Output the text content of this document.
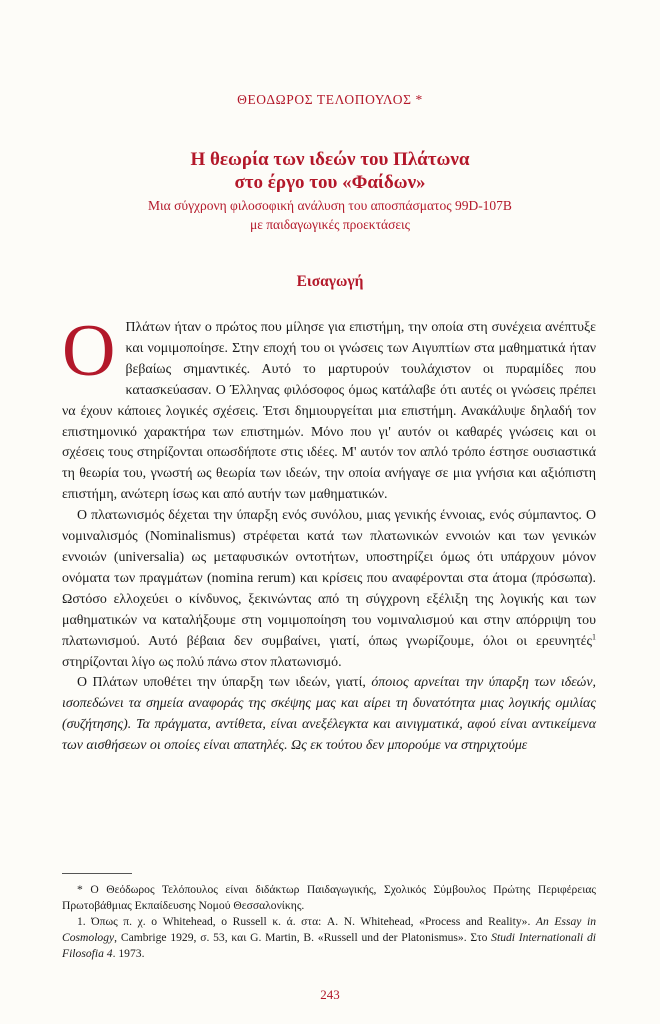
ΘΕΟΔΩΡΟΣ ΤΕΛΟΠΟΥΛΟΣ *
Η θεωρία των ιδεών του Πλάτωνα
στο έργο του «Φαίδων»
Μια σύγχρονη φιλοσοφική ανάλυση του αποσπάσματος 99D-107B
με παιδαγωγικές προεκτάσεις
Εισαγωγή

Ο Πλάτων ήταν ο πρώτος που μίλησε για επιστήμη, την οποία στη συνέχεια ανέπτυξε και νομιμοποίησε. Στην εποχή του οι γνώσεις των Αιγυπτίων στα μαθηματικά ήταν βεβαίως σημαντικές. Αυτό το μαρτυρούν τουλάχιστον οι πυραμίδες που κατασκεύασαν. Ο Έλληνας φιλόσοφος όμως κατάλαβε ότι αυτές οι γνώσεις πρέπει να έχουν κάποιες λογικές σχέσεις. Έτσι δημιουργείται μια επιστήμη. Ανακάλυψε δηλαδή τον επιστημονικό χαρακτήρα των επιστημών. Μόνο που γι' αυτόν οι καθαρές γνώσεις και οι σχέσεις τους στηρίζονται οπωσδήποτε στις ιδέες. Μ' αυτόν τον απλό τρόπο έστησε ουσιαστικά τη θεωρία του, γνωστή ως θεωρία των ιδεών, την οποία ανήγαγε σε μια γνήσια και αξιόπιστη επιστήμη, ανώτερη ίσως και από αυτήν των μαθηματικών.

Ο πλατωνισμός δέχεται την ύπαρξη ενός συνόλου, μιας γενικής έννοιας, ενός σύμπαντος. Ο νομιναλισμός (Nominalismus) στρέφεται κατά των πλατωνικών εννοιών και των γενικών εννοιών (universalia) ως μεταφυσικών οντοτήτων, υποστηρίζει όμως ότι υπάρχουν μόνον ονόματα των πραγμάτων (nomina rerum) και κρίσεις που αναφέρονται στα άτομα (πρόσωπα). Ωστόσο ελλοχεύει ο κίνδυνος, ξεκινώντας από τη σύγχρονη εξέλιξη της λογικής και των μαθηματικών να καταλήξουμε στη νομιμοποίηση του νομιναλισμού και στην απόρριψη του πλατωνισμού. Αυτό βέβαια δεν συμβαίνει, γιατί, όπως γνωρίζουμε, όλοι οι ερευνητές$^1$ στηρίζονται λίγο ως πολύ πάνω στον πλατωνισμό.

Ο Πλάτων υποθέτει την ύπαρξη των ιδεών, γιατί, όποιος αρνείται την ύπαρξη των ιδεών, ισοπεδώνει τα σημεία αναφοράς της σκέψης μας και αίρει τη δυνατότητα μιας λογικής ομιλίας (συζήτησης). Τα πράγματα, αντίθετα, είναι ανεξέλεγκτα και αινιγματικά, αφού είναι αντικείμενα των αισθήσεων οι οποίες είναι απατηλές. Ως εκ τούτου δεν μπορούμε να στηριχτούμε

* Ο Θεόδωρος Τελόπουλος είναι διδάκτωρ Παιδαγωγικής, Σχολικός Σύμβουλος Πρώτης Περιφέρειας Πρωτοβάθμιας Εκπαίδευσης Νομού Θεσσαλονίκης.

1. Όπως π. χ. ο Whitehead, ο Russell κ. ά. στα: A. N. Whitehead, «Process and Reality». An Essay in Cosmology, Cambrige 1929, σ. 53, και G. Martin, B. «Russell und der Platonismus». Στο Studi Internationali di Filosofia 4. 1973.

243
